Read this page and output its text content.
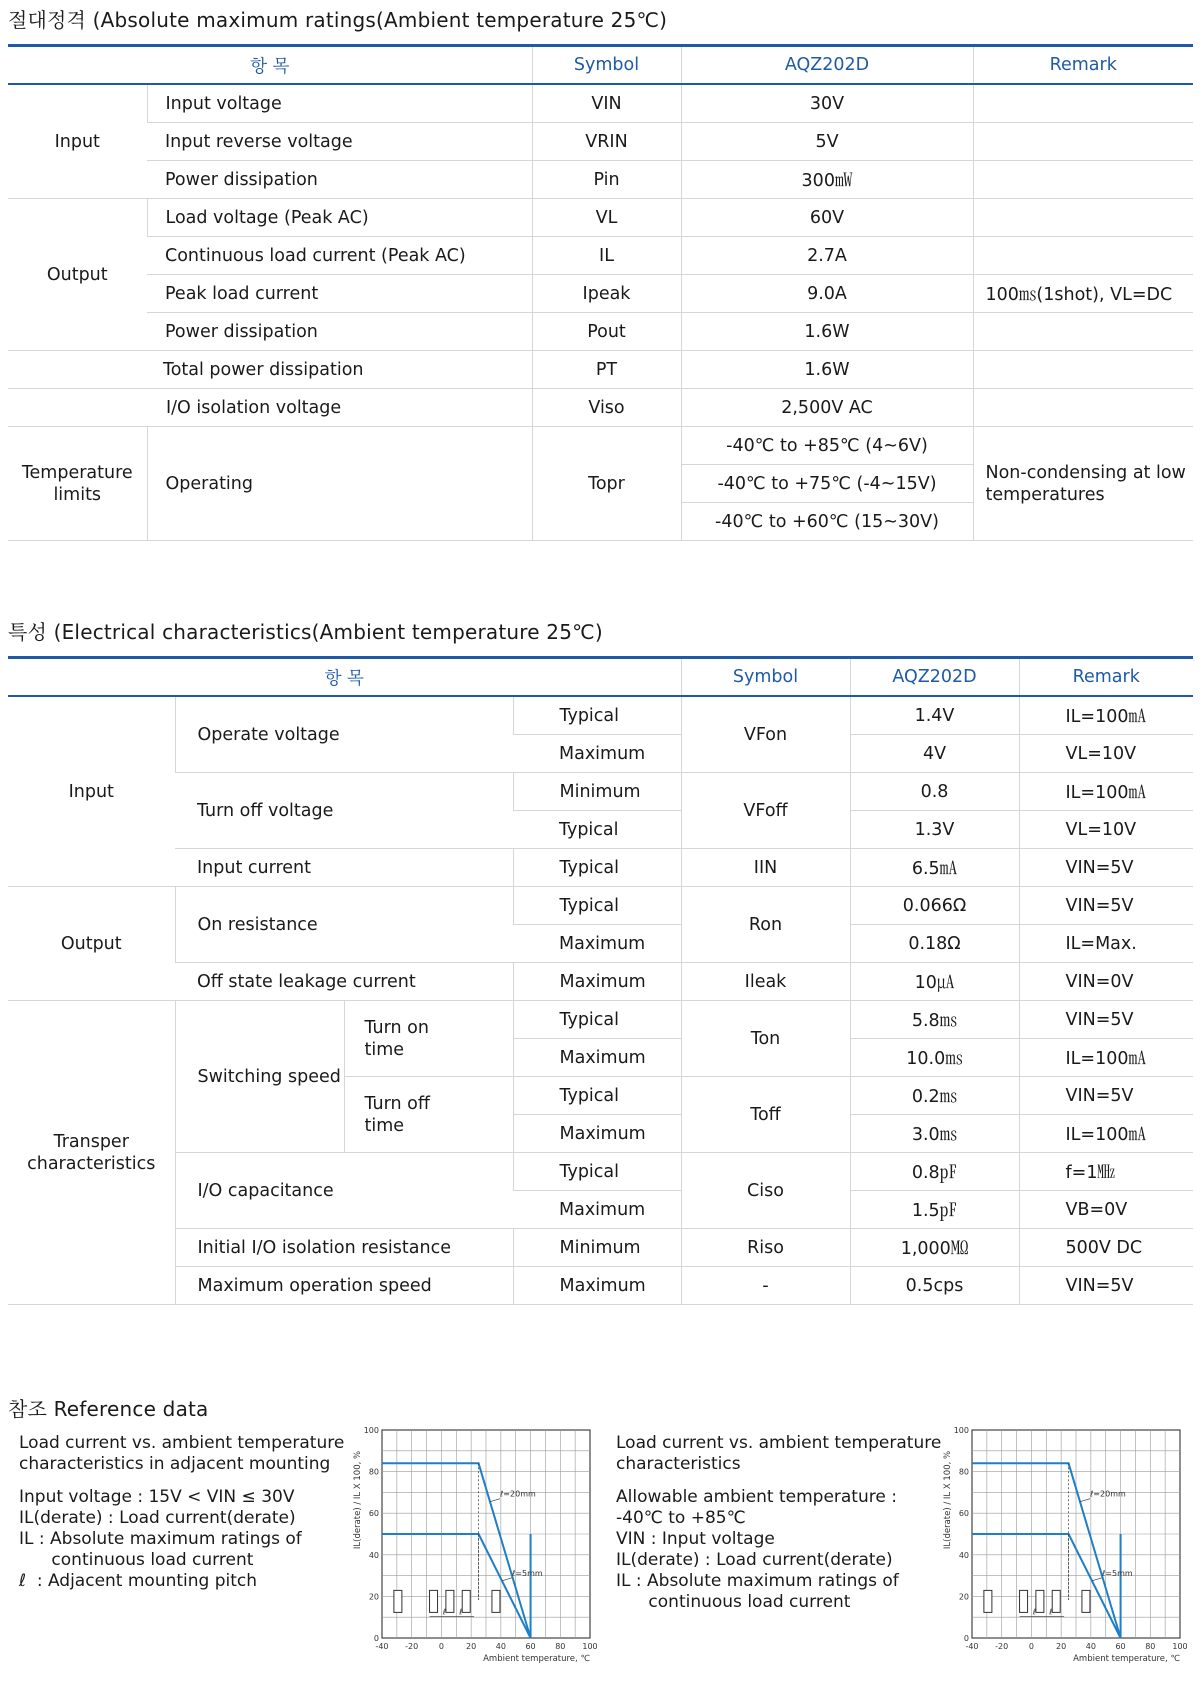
절대정격 (Absolute maximum ratings(Ambient temperature 25℃)
항 목		Symbol	AQZ202D	Remark
Input	Input voltage	VIN	30V	
	Input reverse voltage	VRIN	5V	
	Power dissipation	Pin	300㎽	
Output	Load voltage (Peak AC)	VL	60V	
	Continuous load current (Peak AC)	IL	2.7A	
	Peak load current	Ipeak	9.0A	100㎳(1shot), VL=DC
	Power dissipation	Pout	1.6W	
Total power dissipation		PT	1.6W	
I/O isolation voltage		Viso	2,500V AC	
Temperature limits	Operating	Topr	-40℃ to +85℃ (4~6V)	Non-condensing at low temperatures
			-40℃ to +75℃ (-4~15V)	
			-40℃ to +60℃ (15~30V)	
특성 (Electrical characteristics(Ambient temperature 25℃)
항 목				Symbol	AQZ202D	Remark
Input	Operate voltage		Typical	VFon	1.4V	IL=100㎃
			Maximum		4V	VL=10V
	Turn off voltage		Minimum	VFoff	0.8	IL=100㎃
			Typical		1.3V	VL=10V
	Input current		Typical	IIN	6.5㎃	VIN=5V
Output	On resistance		Typical	Ron	0.066Ω	VIN=5V
			Maximum		0.18Ω	IL=Max.
	Off state leakage current		Maximum	Ileak	10㎂	VIN=0V
Transper characteristics	Switching speed	Turn on time	Typical	Ton	5.8㎳	VIN=5V
			Maximum		10.0㎳	IL=100㎃
		Turn off time	Typical	Toff	0.2㎳	VIN=5V
			Maximum		3.0㎳	IL=100㎃
	I/O capacitance		Typical	Ciso	0.8㎊	f=1㎒
			Maximum		1.5㎊	VB=0V
	Initial I/O isolation resistance		Minimum	Riso	1,000㏁	500V DC
	Maximum operation speed		Maximum	-	0.5cps	VIN=5V
참조 Reference data
Load current vs. ambient temperature
characteristics in adjacent mounting
Input voltage : 15V < VIN ≤ 30V
IL(derate) : Load current(derate)
IL : Absolute maximum ratings of
continuous load current
ℓ  : Adjacent mounting pitch
Load current vs. ambient temperature
characteristics
Allowable ambient temperature :
-40℃ to +85℃
VIN : Input voltage
IL(derate) : Load current(derate)
IL : Absolute maximum ratings of
continuous load current
-40 -20	0	20 40 60 80 100
0
20
40
60
80
100
Ambient temperature, ℃
IL(derate) / IL X 100, %	ℓ=20mm
ℓ=5mm
ℓ ℓ
-40 -20	0	20 40 60 80 100
0
20
40
60
80
100
Ambient temperature, ℃
IL(derate) / IL X 100, %	ℓ=20mm
ℓ=5mm
ℓ ℓ
